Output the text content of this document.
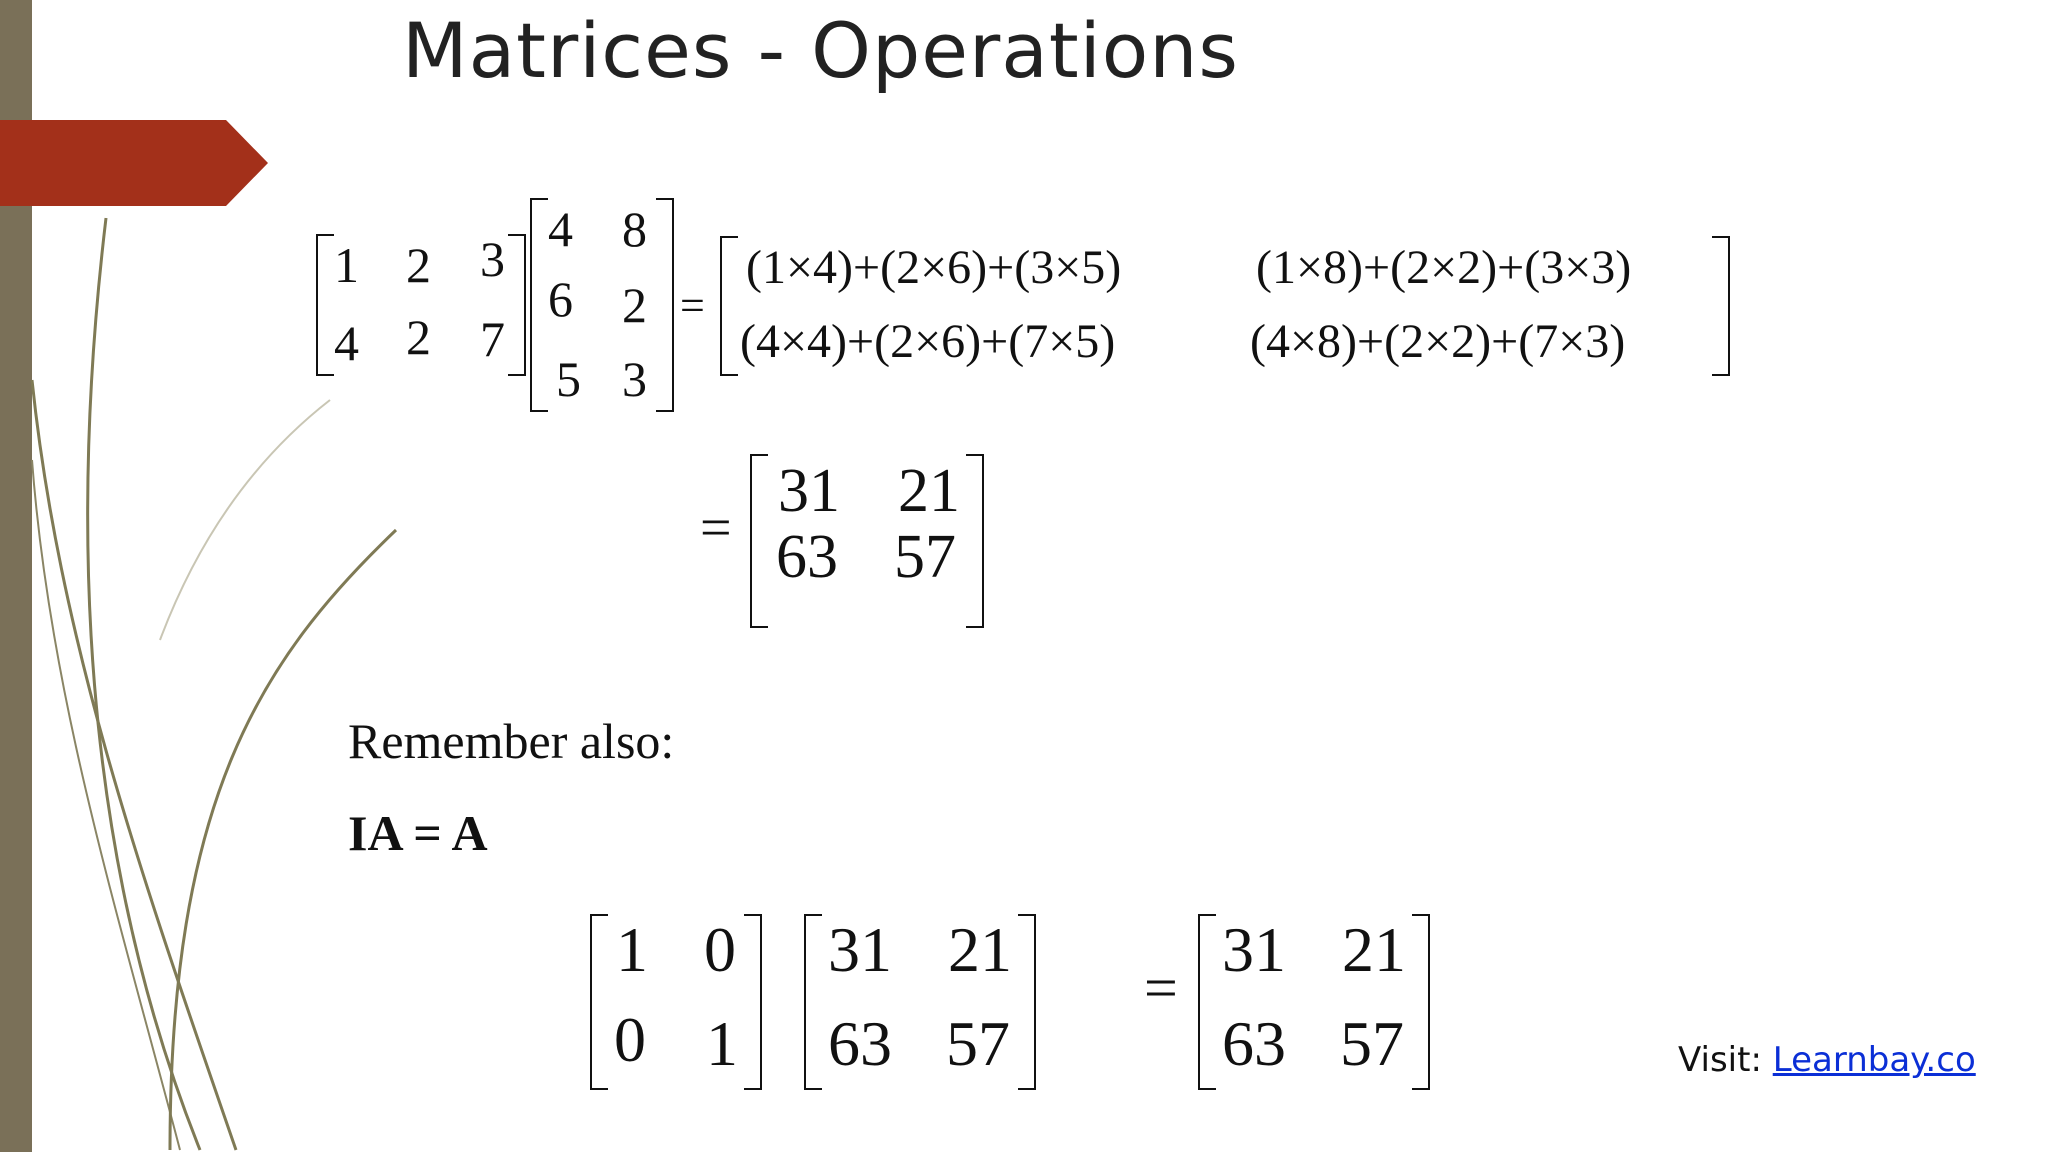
Matrices - Operations
1 2 3
4 2 7
4 8
6 2
5 3
=
(1×4)+(2×6)+(3×5)	(1×8)+(2×2)+(3×3)
(4×4)+(2×6)+(7×5)	(4×8)+(2×2)+(7×3)
=
31 21
63 57
Remember also:
IA = A
1 0
0 1
31 21
63 57
=
31 21
63 57	Visit: Learnbay.co
